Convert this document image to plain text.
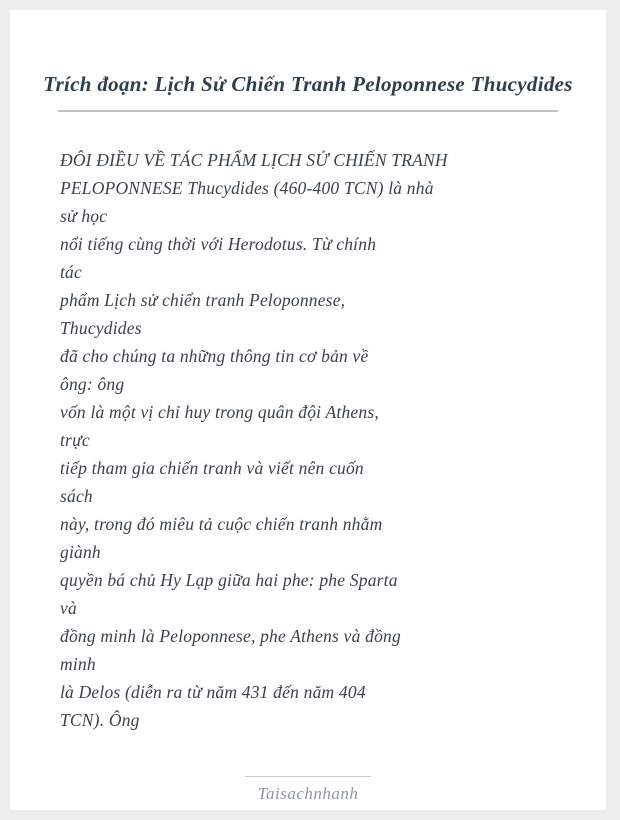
Trích đoạn: Lịch Sử Chiến Tranh Peloponnese Thucydides

ĐÔI ĐIỀU VỀ TÁC PHẨM LỊCH SỬ CHIẾN TRANH

PELOPONNESE Thucydides (460-400 TCN) là nhà

sử học

nổi tiếng cùng thời với Herodotus. Từ chính

tác

phẩm Lịch sử chiến tranh Peloponnese,

Thucydides

đã cho chúng ta những thông tin cơ bản về

ông: ông

vốn là một vị chỉ huy trong quân đội Athens,

trực

tiếp tham gia chiến tranh và viết nên cuốn

sách

này, trong đó miêu tả cuộc chiến tranh nhằm

giành

quyền bá chủ Hy Lạp giữa hai phe: phe Sparta

và

đồng minh là Peloponnese, phe Athens và đồng

minh

là Delos (diễn ra từ năm 431 đến năm 404

TCN). Ông

Taisachnhanh
